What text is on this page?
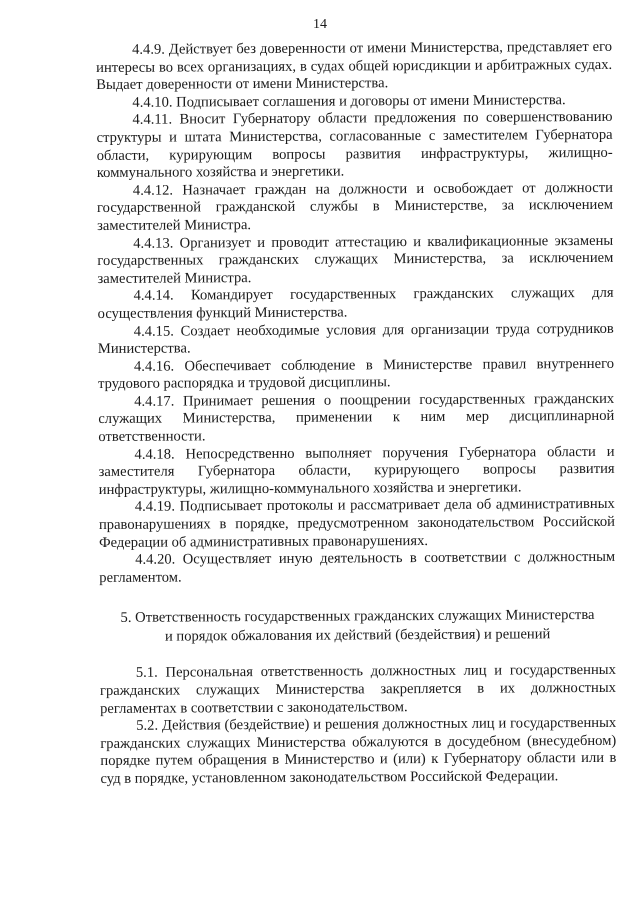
14

4.4.9. Действует без доверенности от имени Министерства, представляет его интересы во всех организациях, в судах общей юрисдикции и арбитражных судах. Выдает доверенности от имени Министерства.

4.4.10. Подписывает соглашения и договоры от имени Министерства.

4.4.11. Вносит Губернатору области предложения по совершенствованию структуры и штата Министерства, согласованные с заместителем Губернатора области, курирующим вопросы развития инфраструктуры, жилищно-коммунального хозяйства и энергетики.

4.4.12. Назначает граждан на должности и освобождает от должности государственной гражданской службы в Министерстве, за исключением заместителей Министра.

4.4.13. Организует и проводит аттестацию и квалификационные экзамены государственных гражданских служащих Министерства, за исключением заместителей Министра.

4.4.14. Командирует государственных гражданских служащих для осуществления функций Министерства.

4.4.15. Создает необходимые условия для организации труда сотрудников Министерства.

4.4.16. Обеспечивает соблюдение в Министерстве правил внутреннего трудового распорядка и трудовой дисциплины.

4.4.17. Принимает решения о поощрении государственных гражданских служащих Министерства, применении к ним мер дисциплинарной ответственности.

4.4.18. Непосредственно выполняет поручения Губернатора области и заместителя Губернатора области, курирующего вопросы развития инфраструктуры, жилищно-коммунального хозяйства и энергетики.

4.4.19. Подписывает протоколы и рассматривает дела об административных правонарушениях в порядке, предусмотренном законодательством Российской Федерации об административных правонарушениях.

4.4.20. Осуществляет иную деятельность в соответствии с должностным регламентом.

5. Ответственность государственных гражданских служащих Министерства
и порядок обжалования их действий (бездействия) и решений

5.1. Персональная ответственность должностных лиц и государственных гражданских служащих Министерства закрепляется в их должностных регламентах в соответствии с законодательством.

5.2. Действия (бездействие) и решения должностных лиц и государственных гражданских служащих Министерства обжалуются в досудебном (внесудебном) порядке путем обращения в Министерство и (или) к Губернатору области или в суд в порядке, установленном законодательством Российской Федерации.
